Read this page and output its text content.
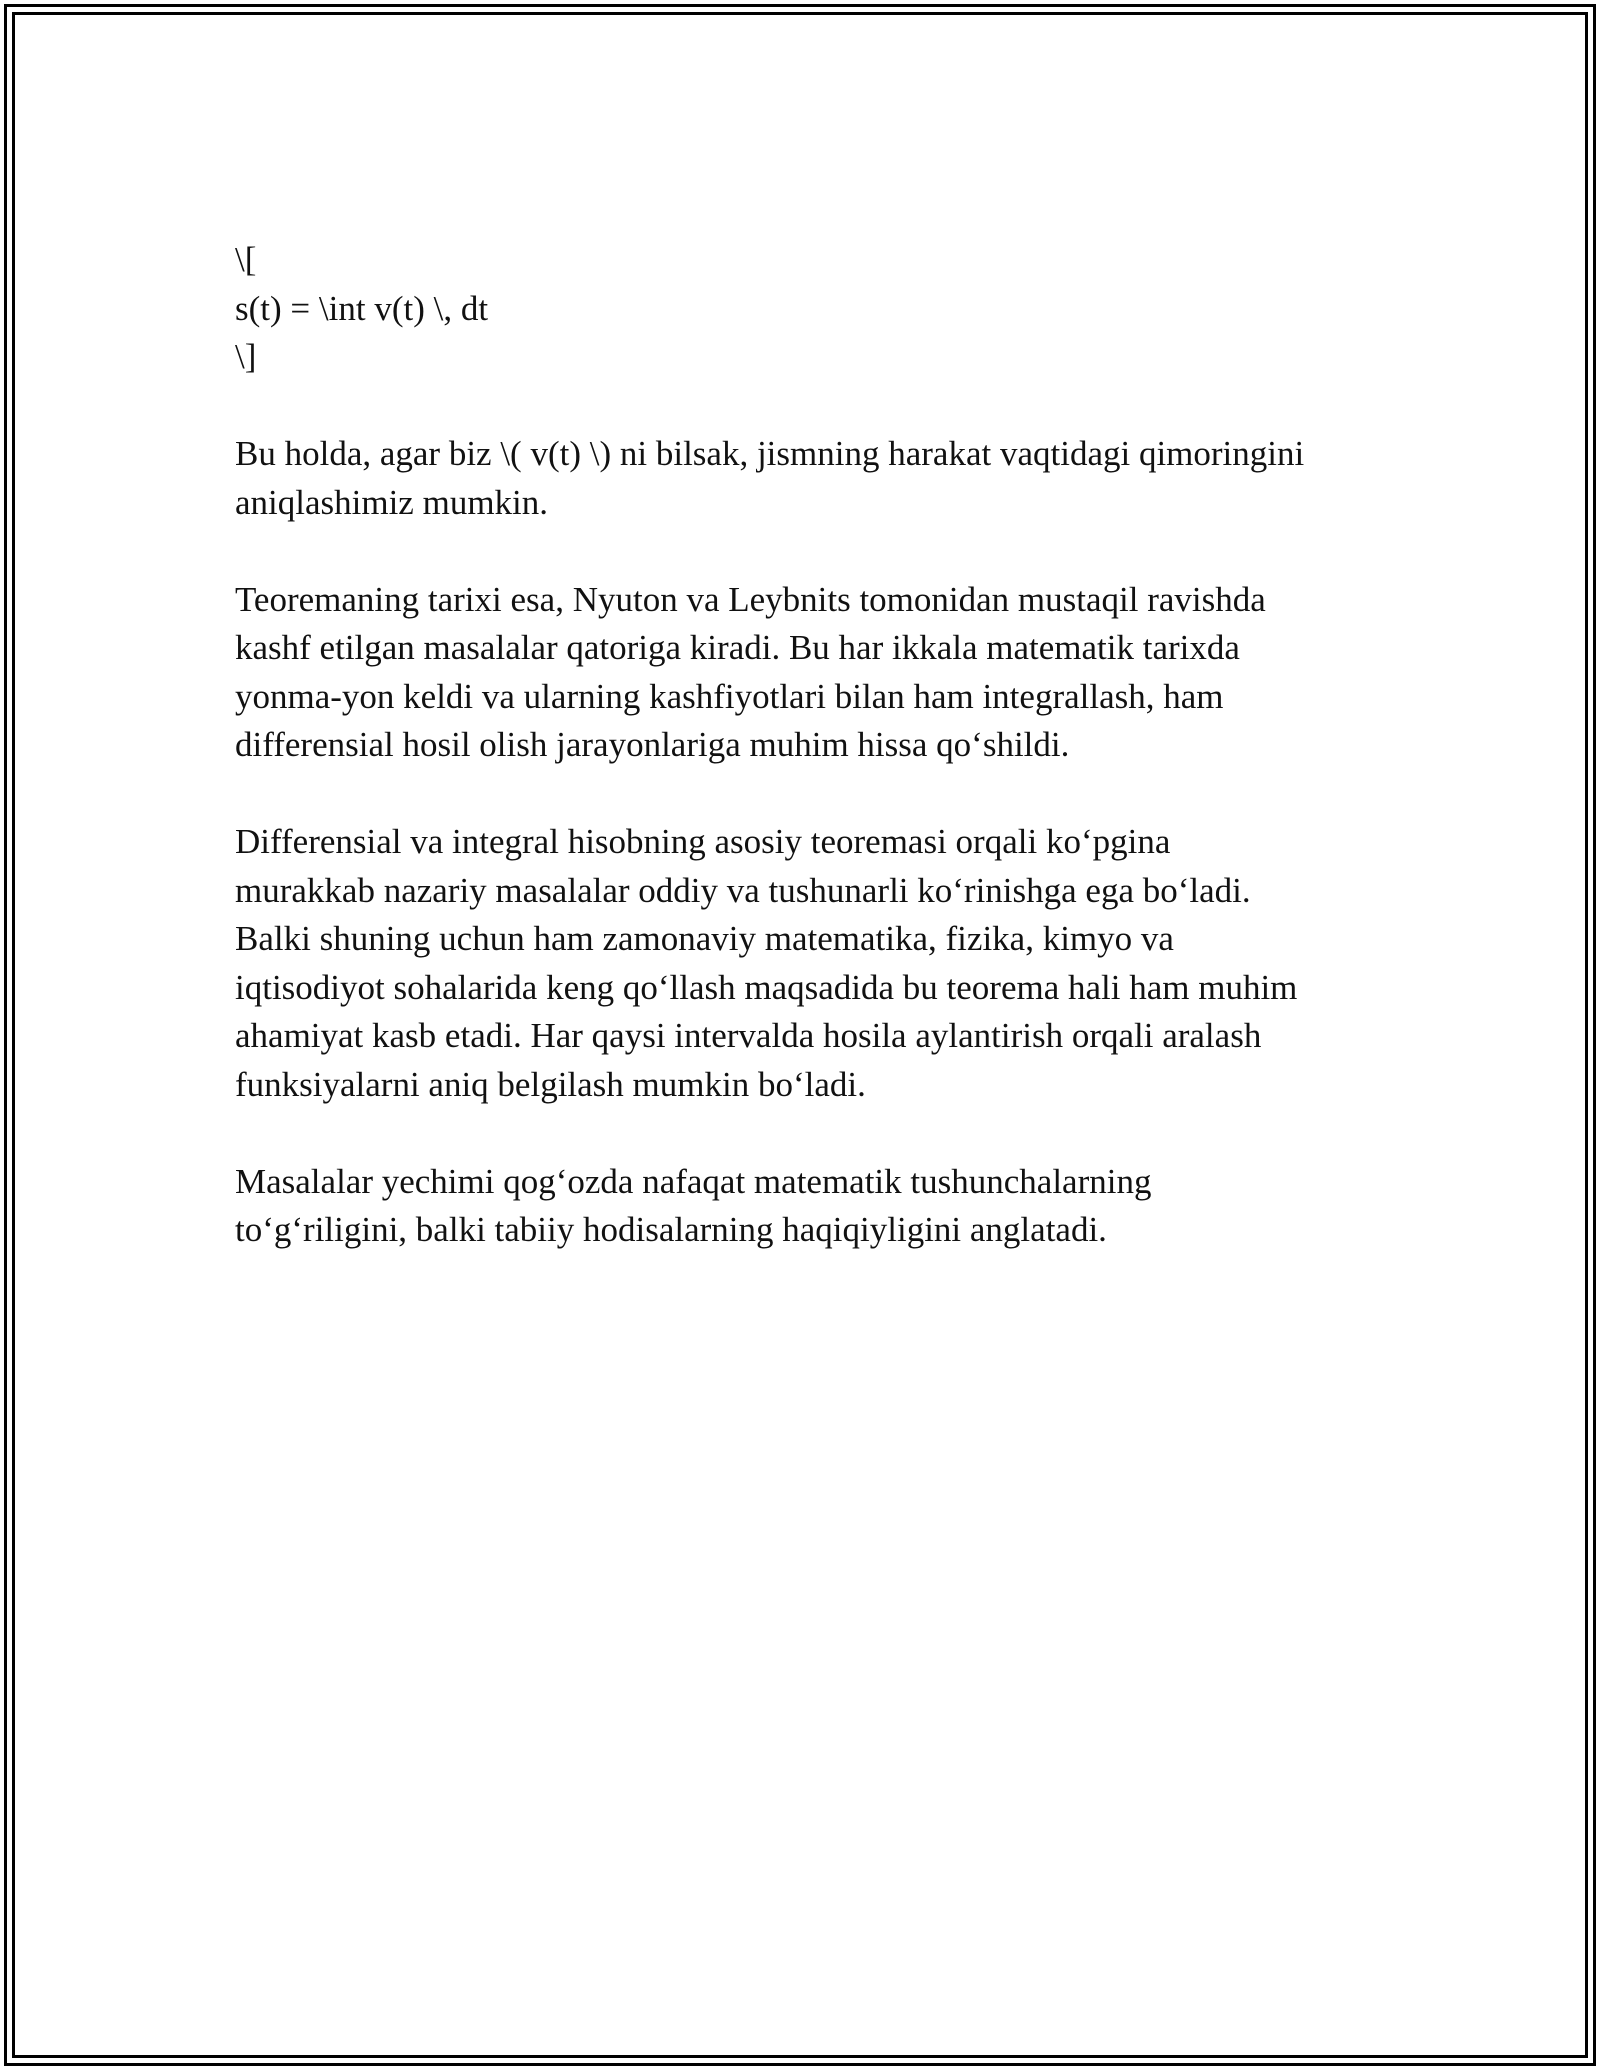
\[
s(t) = \int v(t) \, dt
\]

Bu holda, agar biz \( v(t) \) ni bilsak, jismning harakat vaqtidagi qimoringini
aniqlashimiz mumkin.

Teoremaning tarixi esa, Nyuton va Leybnits tomonidan mustaqil ravishda
kashf etilgan masalalar qatoriga kiradi. Bu har ikkala matematik tarixda
yonma-yon keldi va ularning kashfiyotlari bilan ham integrallash, ham
differensial hosil olish jarayonlariga muhim hissa qo‘shildi.

Differensial va integral hisobning asosiy teoremasi orqali ko‘pgina
murakkab nazariy masalalar oddiy va tushunarli ko‘rinishga ega bo‘ladi.
Balki shuning uchun ham zamonaviy matematika, fizika, kimyo va
iqtisodiyot sohalarida keng qo‘llash maqsadida bu teorema hali ham muhim
ahamiyat kasb etadi. Har qaysi intervalda hosila aylantirish orqali aralash
funksiyalarni aniq belgilash mumkin bo‘ladi.

Masalalar yechimi qog‘ozda nafaqat matematik tushunchalarning
to‘g‘riligini, balki tabiiy hodisalarning haqiqiyligini anglatadi.
